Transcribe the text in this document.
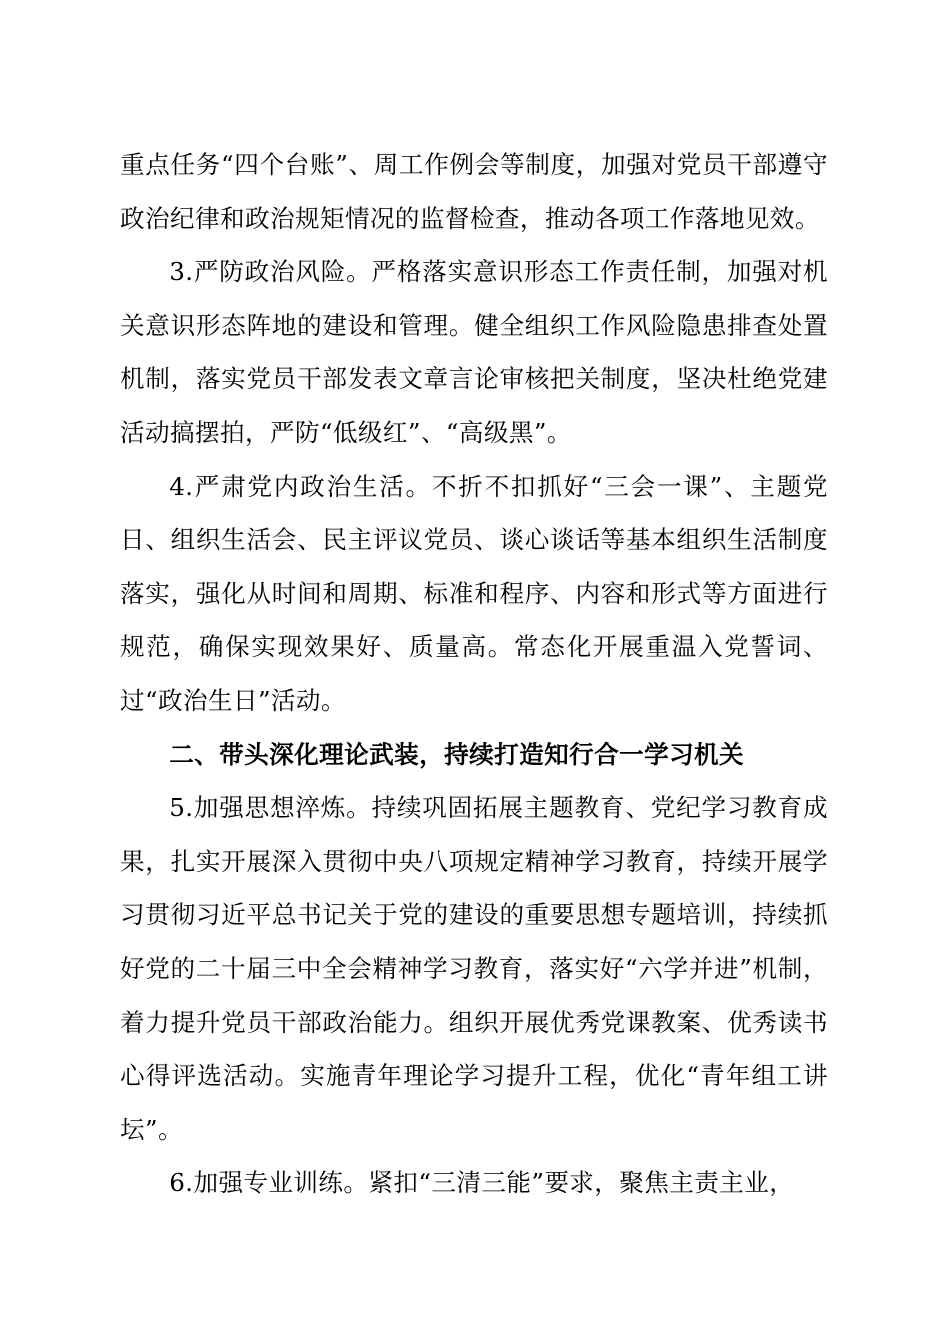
重点任务“四个台账”、周工作例会等制度，加强对党员干部遵守政治纪律和政治规矩情况的监督检查，推动各项工作落地见效。

3.严防政治风险。严格落实意识形态工作责任制，加强对机关意识形态阵地的建设和管理。健全组织工作风险隐患排查处置机制，落实党员干部发表文章言论审核把关制度，坚决杜绝党建活动搞摆拍，严防“低级红”、“高级黑”。

4.严肃党内政治生活。不折不扣抓好“三会一课”、主题党日、组织生活会、民主评议党员、谈心谈话等基本组织生活制度落实，强化从时间和周期、标准和程序、内容和形式等方面进行规范，确保实现效果好、质量高。常态化开展重温入党誓词、过“政治生日”活动。

二、带头深化理论武装，持续打造知行合一学习机关

5.加强思想淬炼。持续巩固拓展主题教育、党纪学习教育成果，扎实开展深入贯彻中央八项规定精神学习教育，持续开展学习贯彻习近平总书记关于党的建设的重要思想专题培训，持续抓好党的二十届三中全会精神学习教育，落实好“六学并进”机制，着力提升党员干部政治能力。组织开展优秀党课教案、优秀读书心得评选活动。实施青年理论学习提升工程，优化“青年组工讲坛”。

6.加强专业训练。紧扣“三清三能”要求，聚焦主责主业，
